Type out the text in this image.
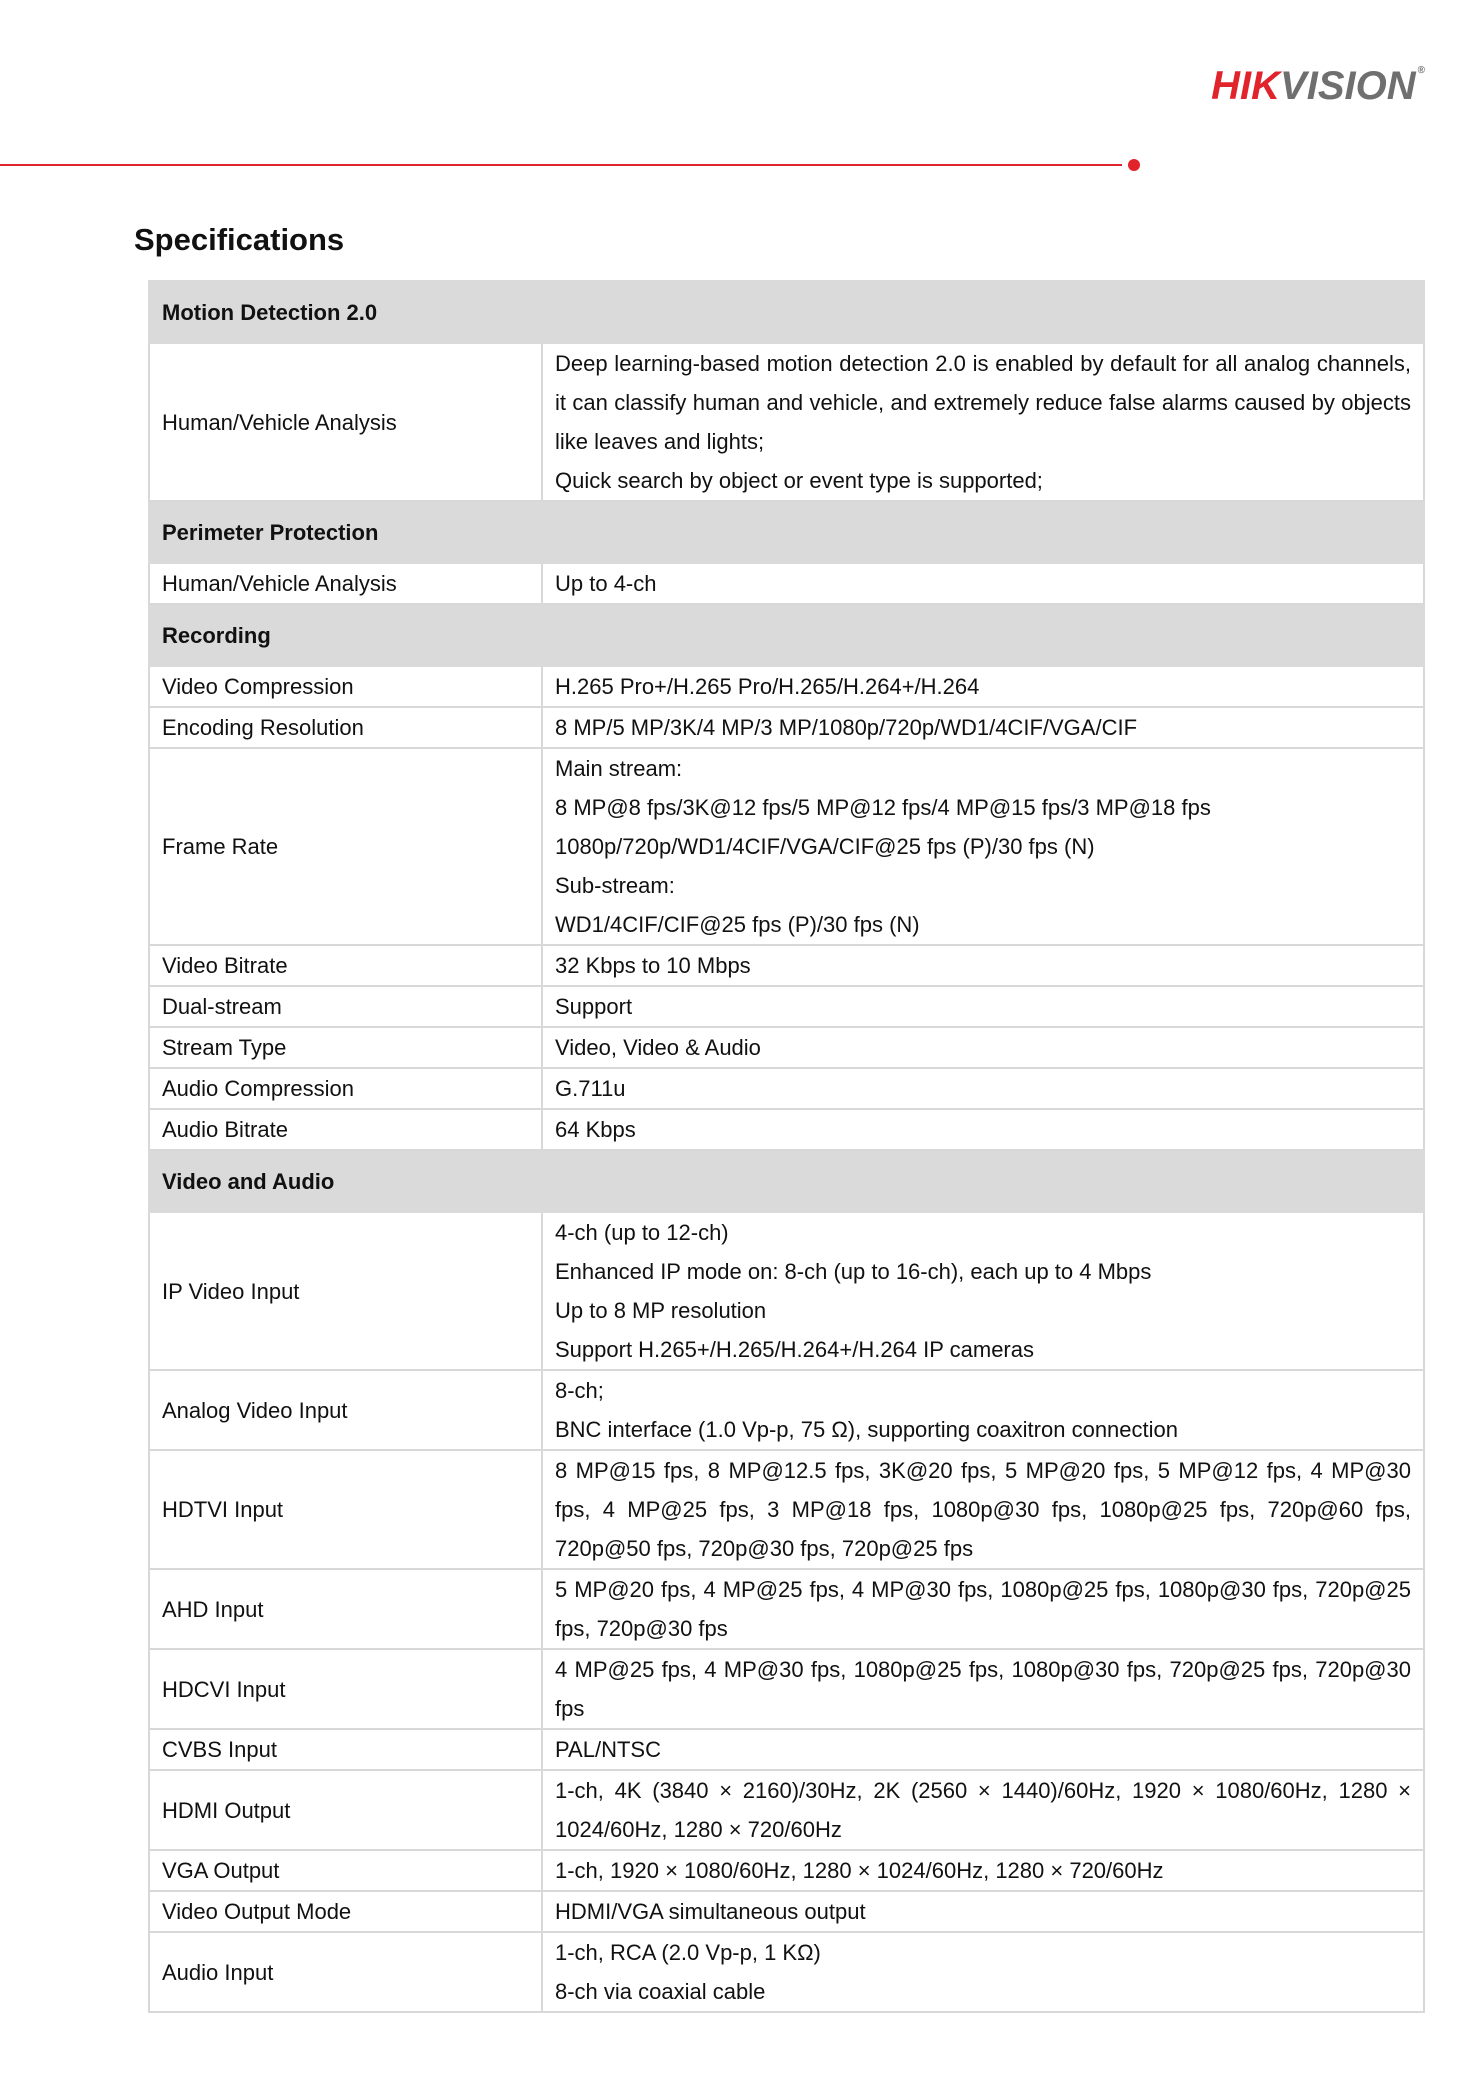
HIKVISION ®
Specifications
Motion Detection 2.0	
Human/Vehicle Analysis	Deep learning-based motion detection 2.0 is enabled by default for all analog channels, it can classify human and vehicle, and extremely reduce false alarms caused by objects like leaves and lights;
Quick search by object or event type is supported;

Perimeter Protection	
Human/Vehicle Analysis	Up to 4-ch

Recording	
Video Compression	H.265 Pro+/H.265 Pro/H.265/H.264+/H.264

Encoding Resolution	8 MP/5 MP/3K/4 MP/3 MP/1080p/720p/WD1/4CIF/VGA/CIF

Frame Rate	Main stream:
8 MP@8 fps/3K@12 fps/5 MP@12 fps/4 MP@15 fps/3 MP@18 fps
1080p/720p/WD1/4CIF/VGA/CIF@25 fps (P)/30 fps (N)
Sub-stream:
WD1/4CIF/CIF@25 fps (P)/30 fps (N)

Video Bitrate	32 Kbps to 10 Mbps

Dual-stream	Support

Stream Type	Video, Video & Audio

Audio Compression	G.711u

Audio Bitrate	64 Kbps

Video and Audio	
IP Video Input	4-ch (up to 12-ch)
Enhanced IP mode on: 8-ch (up to 16-ch), each up to 4 Mbps
Up to 8 MP resolution
Support H.265+/H.265/H.264+/H.264 IP cameras

Analog Video Input	8-ch;
BNC interface (1.0 Vp-p, 75 Ω), supporting coaxitron connection

HDTVI Input	8 MP@15 fps, 8 MP@12.5 fps, 3K@20 fps, 5 MP@20 fps, 5 MP@12 fps, 4 MP@30 fps, 4 MP@25 fps, 3 MP@18 fps, 1080p@30 fps, 1080p@25 fps, 720p@60 fps, 720p@50 fps, 720p@30 fps, 720p@25 fps

AHD Input	5 MP@20 fps, 4 MP@25 fps, 4 MP@30 fps, 1080p@25 fps, 1080p@30 fps, 720p@25 fps, 720p@30 fps

HDCVI Input	4 MP@25 fps, 4 MP@30 fps, 1080p@25 fps, 1080p@30 fps, 720p@25 fps, 720p@30 fps

CVBS Input	PAL/NTSC

HDMI Output	1-ch, 4K (3840 × 2160)/30Hz, 2K (2560 × 1440)/60Hz, 1920 × 1080/60Hz, 1280 × 1024/60Hz, 1280 × 720/60Hz

VGA Output	1-ch, 1920 × 1080/60Hz, 1280 × 1024/60Hz, 1280 × 720/60Hz

Video Output Mode	HDMI/VGA simultaneous output

Audio Input	1-ch, RCA (2.0 Vp-p, 1 KΩ)
8-ch via coaxial cable
